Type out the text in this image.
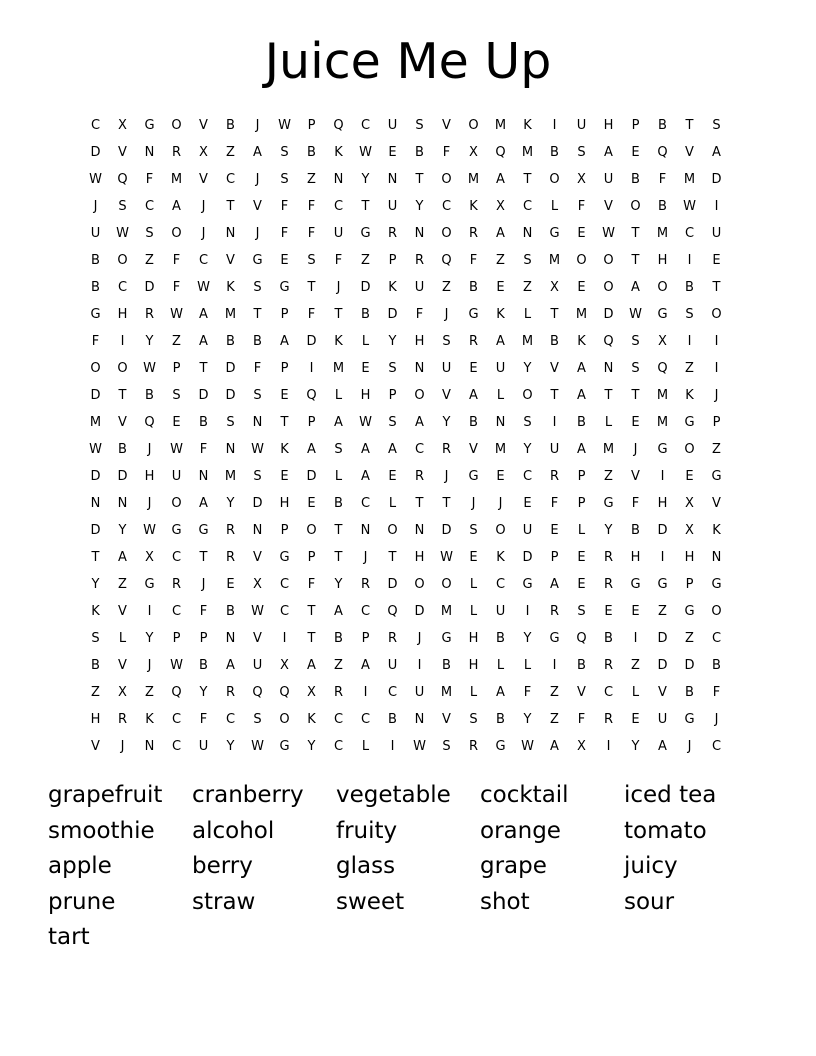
Juice Me Up
C	X	G	O	V	B	J	W	P	Q	C	U	S	V	O	M	K	I	U	H	P	B	T	S
D	V	N	R	X	Z	A	S	B	K	W	E	B	F	X	Q	M	B	S	A	E	Q	V	A
W	Q	F	M	V	C	J	S	Z	N	Y	N	T	O	M	A	T	O	X	U	B	F	M	D
J	S	C	A	J	T	V	F	F	C	T	U	Y	C	K	X	C	L	F	V	O	B	W	I
U	W	S	O	J	N	J	F	F	U	G	R	N	O	R	A	N	G	E	W	T	M	C	U
B	O	Z	F	C	V	G	E	S	F	Z	P	R	Q	F	Z	S	M	O	O	T	H	I	E
B	C	D	F	W	K	S	G	T	J	D	K	U	Z	B	E	Z	X	E	O	A	O	B	T
G	H	R	W	A	M	T	P	F	T	B	D	F	J	G	K	L	T	M	D	W	G	S	O
F	I	Y	Z	A	B	B	A	D	K	L	Y	H	S	R	A	M	B	K	Q	S	X	I	I
O	O	W	P	T	D	F	P	I	M	E	S	N	U	E	U	Y	V	A	N	S	Q	Z	I
D	T	B	S	D	D	S	E	Q	L	H	P	O	V	A	L	O	T	A	T	T	M	K	J
M	V	Q	E	B	S	N	T	P	A	W	S	A	Y	B	N	S	I	B	L	E	M	G	P
W	B	J	W	F	N	W	K	A	S	A	A	C	R	V	M	Y	U	A	M	J	G	O	Z
D	D	H	U	N	M	S	E	D	L	A	E	R	J	G	E	C	R	P	Z	V	I	E	G
N	N	J	O	A	Y	D	H	E	B	C	L	T	T	J	J	E	F	P	G	F	H	X	V
D	Y	W	G	G	R	N	P	O	T	N	O	N	D	S	O	U	E	L	Y	B	D	X	K
T	A	X	C	T	R	V	G	P	T	J	T	H	W	E	K	D	P	E	R	H	I	H	N
Y	Z	G	R	J	E	X	C	F	Y	R	D	O	O	L	C	G	A	E	R	G	G	P	G
K	V	I	C	F	B	W	C	T	A	C	Q	D	M	L	U	I	R	S	E	E	Z	G	O
S	L	Y	P	P	N	V	I	T	B	P	R	J	G	H	B	Y	G	Q	B	I	D	Z	C
B	V	J	W	B	A	U	X	A	Z	A	U	I	B	H	L	L	I	B	R	Z	D	D	B
Z	X	Z	Q	Y	R	Q	Q	X	R	I	C	U	M	L	A	F	Z	V	C	L	V	B	F
H	R	K	C	F	C	S	O	K	C	C	B	N	V	S	B	Y	Z	F	R	E	U	G	J
V	J	N	C	U	Y	W	G	Y	C	L	I	W	S	R	G	W	A	X	I	Y	A	J	C
grapefruit	cranberry	vegetable	cocktail	iced tea
smoothie	alcohol	fruity	orange	tomato
apple	berry	glass	grape	juicy
prune	straw	sweet	shot	sour
tart
